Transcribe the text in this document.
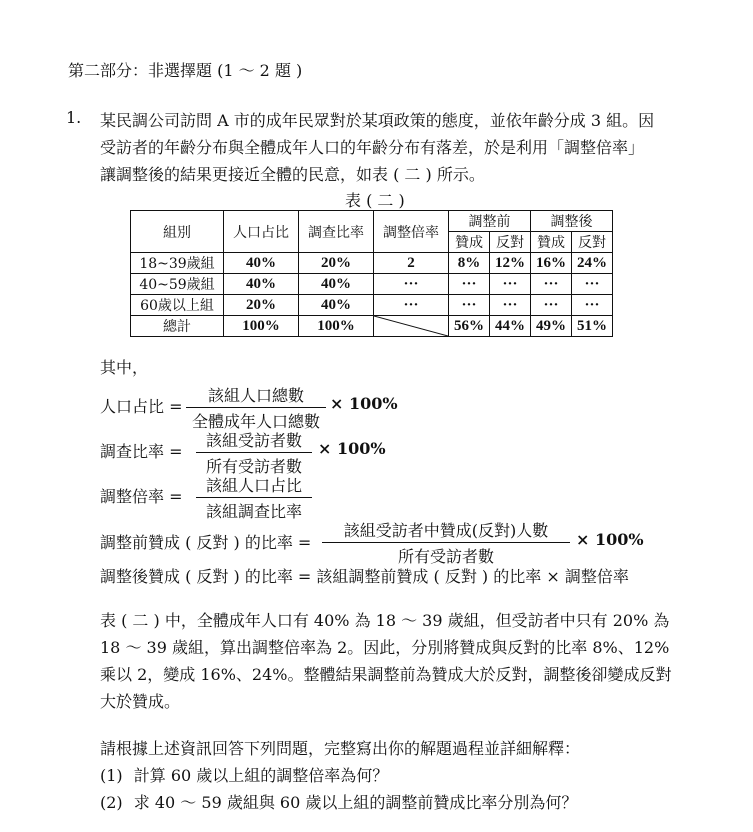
第二部分：非選擇題 (1 ～ 2 題 )
1. 某民調公司訪問 A 市的成年民眾對於某項政策的態度，並依年齡分成 3 組。因
受訪者的年齡分布與全體成年人口的年齡分布有落差，於是利用「調整倍率」
讓調整後的結果更接近全體的民意，如表 ( 二 ) 所示。
表 ( 二 )
組別	人口占比	調查比率	調整倍率	調整前		調整後	
				贊成	反對	贊成	反對
18~39歲組	40%	20%	2	8%	12%	16%	24%
40~59歲組	40%	40%	···	···	···	···	···
60歲以上組	20%	40%	···	···	···	···	···
總計	100%	100%		56%	44%	49%	51%
其中，
人口占比 =
該組人口總數
全體成年人口總數
× 100%
調查比率 =
該組受訪者數
所有受訪者數
× 100%
調整倍率 =
該組人口占比
該組調查比率
調整前贊成 ( 反對 ) 的比率 =
該組受訪者中贊成(反對)人數
所有受訪者數
× 100%
調整後贊成 ( 反對 ) 的比率 = 該組調整前贊成 ( 反對 ) 的比率 × 調整倍率
表 ( 二 ) 中，全體成年人口有 40% 為 18 ～ 39 歲組，但受訪者中只有 20% 為
18 ～ 39 歲組，算出調整倍率為 2。因此，分別將贊成與反對的比率 8%、12%
乘以 2，變成 16%、24%。整體結果調整前為贊成大於反對，調整後卻變成反對
大於贊成。
請根據上述資訊回答下列問題，完整寫出你的解題過程並詳細解釋：
(1) 計算 60 歲以上組的調整倍率為何？
(2) 求 40 ～ 59 歲組與 60 歲以上組的調整前贊成比率分別為何？
